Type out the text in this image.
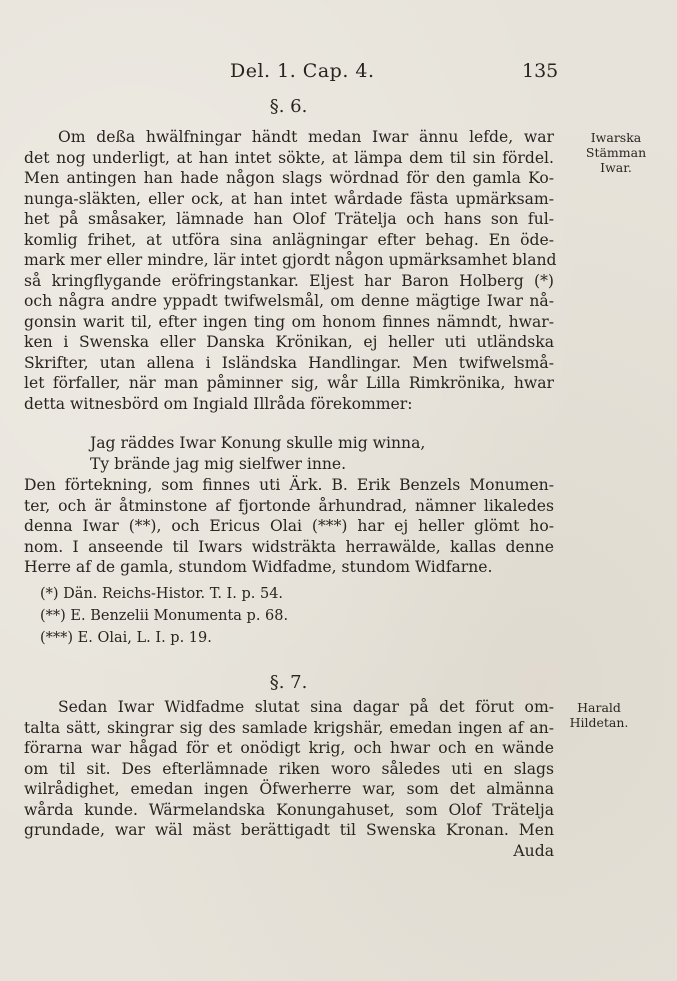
Del. 1. Cap. 4.	135
§. 6.
Iwarska
Stämman
Iwar.
Om deßa hwälfningar händt medan Iwar ännu lefde, war
det nog underligt, at han intet sökte, at lämpa dem til sin fördel.
Men antingen han hade någon slags wördnad för den gamla Ko-
nunga-släkten, eller ock, at han intet wårdade fästa upmärksam-
het på småsaker, lämnade han Olof Trätelja och hans son ful-
komlig frihet, at utföra sina anlägningar efter behag. En öde-
mark mer eller mindre, lär intet gjordt någon upmärksamhet bland
så kringflygande eröfringstankar. Eljest har Baron Holberg (*)
och några andre yppadt twifwelsmål, om denne mägtige Iwar nå-
gonsin warit til, efter ingen ting om honom finnes nämndt, hwar-
ken i Swenska eller Danska Krönikan, ej heller uti utländska
Skrifter, utan allena i Isländska Handlingar. Men twifwelsmå-
let förfaller, när man påminner sig, wår Lilla Rimkrönika, hwar
detta witnesbörd om Ingiald Illråda förekommer:
Jag räddes Iwar Konung skulle mig winna,
Ty brände jag mig sielfwer inne.
Den förtekning, som finnes uti Ärk. B. Erik Benzels Monumen-
ter, och är åtminstone af fjortonde århundrad, nämner likaledes
denna Iwar (**), och Ericus Olai (***) har ej heller glömt ho-
nom. I anseende til Iwars widsträkta herrawälde, kallas denne
Herre af de gamla, stundom Widfadme, stundom Widfarne.
(*) Dän. Reichs-Histor. T. I. p. 54.
(**) E. Benzelii Monumenta p. 68.
(***) E. Olai, L. I. p. 19.
§. 7.
Harald
Hildetan.
Sedan Iwar Widfadme slutat sina dagar på det förut om-
talta sätt, skingrar sig des samlade krigshär, emedan ingen af an-
förarna war hågad för et onödigt krig, och hwar och en wände
om til sit. Des efterlämnade riken woro således uti en slags
wilrådighet, emedan ingen Öfwerherre war, som det almänna
wårda kunde. Wärmelandska Konungahuset, som Olof Trätelja
grundade, war wäl mäst berättigadt til Swenska Kronan. Men
Auda
